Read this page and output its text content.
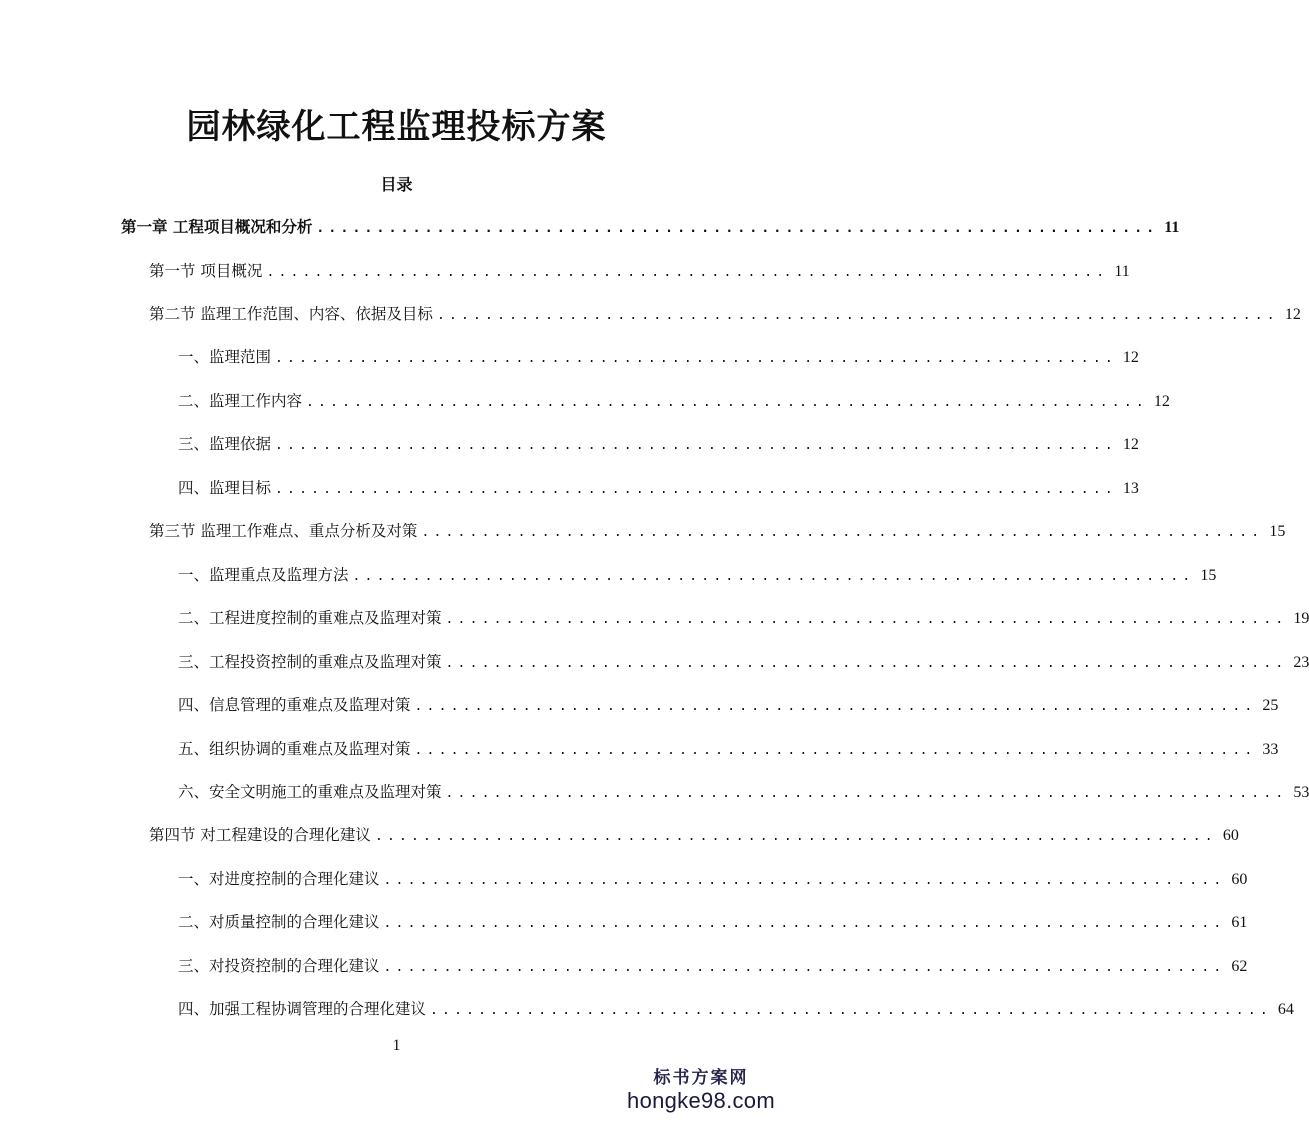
园林绿化工程监理投标方案
目录
第一章 工程项目概况和分析 ...................................................................... 11
第一节 项目概况 ...................................................................... 11
第二节 监理工作范围、内容、依据及目标 ...................................................................... 12
一、监理范围 ...................................................................... 12
二、监理工作内容 ...................................................................... 12
三、监理依据 ...................................................................... 12
四、监理目标 ...................................................................... 13
第三节 监理工作难点、重点分析及对策 ...................................................................... 15
一、监理重点及监理方法 ...................................................................... 15
二、工程进度控制的重难点及监理对策 ...................................................................... 19
三、工程投资控制的重难点及监理对策 ...................................................................... 23
四、信息管理的重难点及监理对策 ...................................................................... 25
五、组织协调的重难点及监理对策 ...................................................................... 33
六、安全文明施工的重难点及监理对策 ...................................................................... 53
第四节 对工程建设的合理化建议 ...................................................................... 60
一、对进度控制的合理化建议 ...................................................................... 60
二、对质量控制的合理化建议 ...................................................................... 61
三、对投资控制的合理化建议 ...................................................................... 62
四、加强工程协调管理的合理化建议 ...................................................................... 64
1
标书方案网
hongke98.com
